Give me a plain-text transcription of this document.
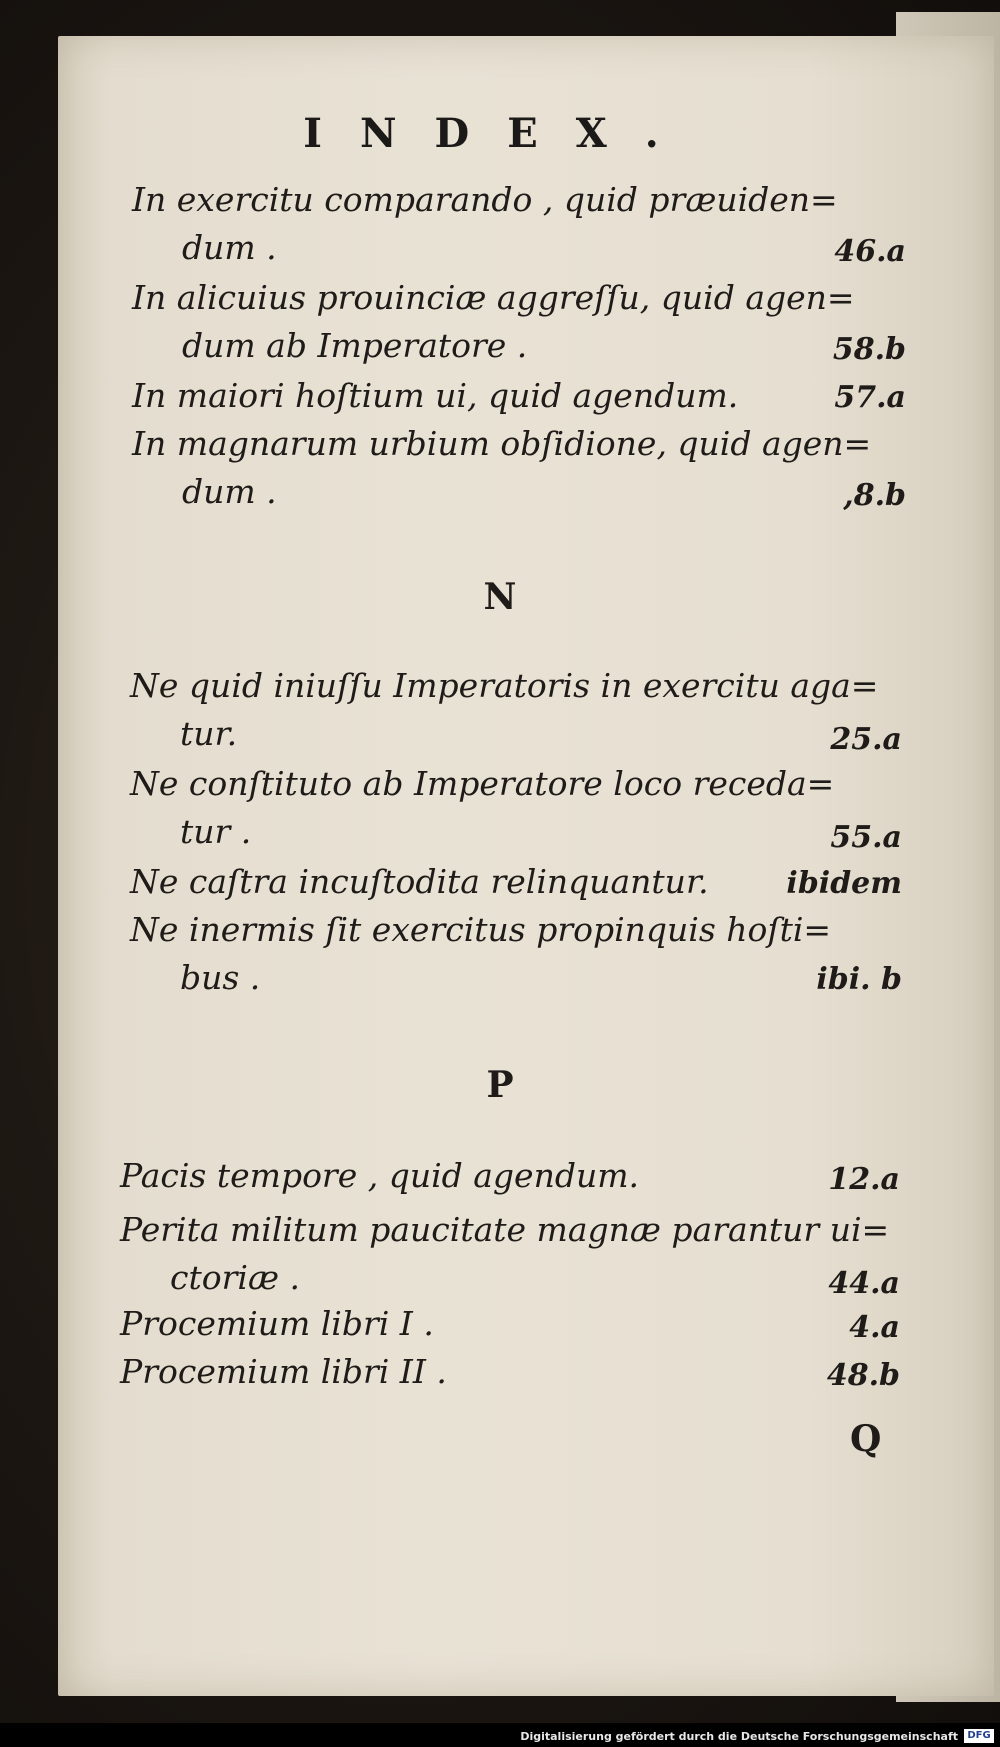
INDEX.
In exercitu comparando , quid præuiden=
dum .	46.a
In alicuius prouinciæ aggreſſu, quid agen=
dum ab Imperatore .	58.b
In maiori hoſtium ui, quid agendum.	57.a
In magnarum urbium obſidione, quid agen=
dum .	,8.b
N
Ne quid iniuſſu Imperatoris in exercitu aga=
tur.	25.a
Ne conſtituto ab Imperatore loco receda=
tur .	55.a
Ne caſtra incuſtodita relinquantur.	ibidem
Ne inermis ſit exercitus propinquis hoſti=
bus .	ibi. b
P
Pacis tempore , quid agendum.	12.a
Perita militum paucitate magnæ parantur ui=
ctoriæ .	44.a
Procemium libri I .	4.a
Procemium libri II .	48.b
Q
Digitalisierung gefördert durch die Deutsche Forschungsgemeinschaft DFG
